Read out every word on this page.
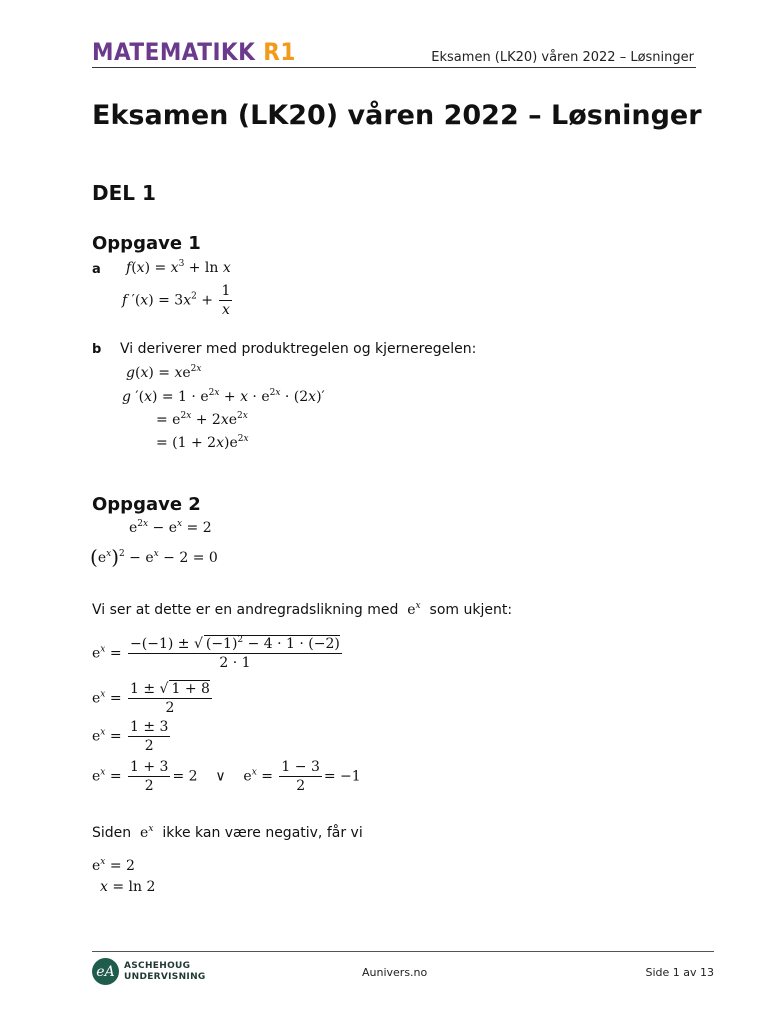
MATEMATIKK R1	Eksamen (LK20) våren 2022 – Løsninger
Eksamen (LK20) våren 2022 – Løsninger
DEL 1
Oppgave 1
a $f(x) = x^3 + \ln x$
f $'(x) = 3x^2 + \frac{1}{x}$
b Vi deriverer med produktregelen og kjerneregelen:
$g(x) = xe^{2x}$
g $'(x) = 1 \cdot e^{2x} + x \cdot e^{2x} \cdot (2x)'$
= $e^{2x} + 2xe^{2x}$
= $(1 + 2x)e^{2x}$
Oppgave 2
$e^{2x} - e^x = 2$
$(e^x)^2 - e^x - 2 = 0$
Vi ser at dette er en andregradslikning med  $e^x$ som ukjent:
$e^x = \frac{-(-1) \pm √ (-1)^2 - 4 \cdot 1 \cdot (-2)}{2 \cdot 1}$
$e^x = \frac{1 \pm √ 1 + 8}{2}$
$e^x = \frac{1 \pm 3}{2}$
$e^x = \frac{1 + 3}{2} = 2$    ∨    $e^x = \frac{1 - 3}{2} = -1$
Siden  $e^x$ ikke kan være negativ, får vi
$e^x = 2$
x = ln 2
eA	ASCHEHOUG
UNDERVISNING	Aunivers.no	Side 1 av 13
